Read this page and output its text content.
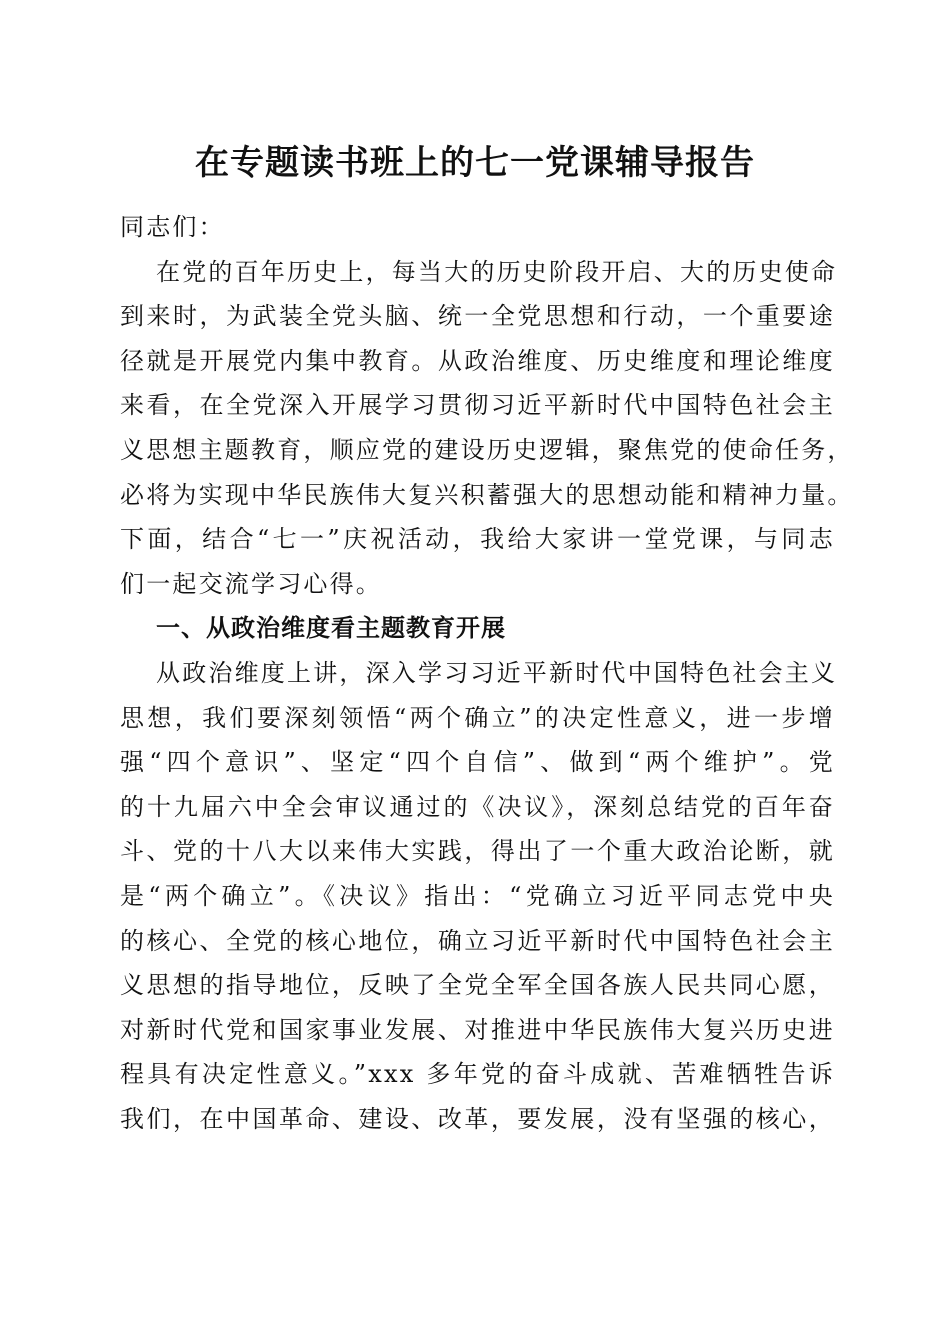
在专题读书班上的七一党课辅导报告
同志们：
在党的百年历史上，每当大的历史阶段开启、大的历史使命
到来时，为武装全党头脑、统一全党思想和行动，一个重要途
径就是开展党内集中教育。从政治维度、历史维度和理论维度
来看，在全党深入开展学习贯彻习近平新时代中国特色社会主
义思想主题教育，顺应党的建设历史逻辑，聚焦党的使命任务，
必将为实现中华民族伟大复兴积蓄强大的思想动能和精神力量。
下面，结合“七一”庆祝活动，我给大家讲一堂党课，与同志
们一起交流学习心得。
一、从政治维度看主题教育开展
从政治维度上讲，深入学习习近平新时代中国特色社会主义
思想，我们要深刻领悟“两个确立”的决定性意义，进一步增
强“四个意识”、坚定“四个自信”、做到“两个维护”。党
的十九届六中全会审议通过的《决议》，深刻总结党的百年奋
斗、党的十八大以来伟大实践，得出了一个重大政治论断，就
是“两个确立”。《决议》指出：“党确立习近平同志党中央
的核心、全党的核心地位，确立习近平新时代中国特色社会主
义思想的指导地位，反映了全党全军全国各族人民共同心愿，
对新时代党和国家事业发展、对推进中华民族伟大复兴历史进
程具有决定性意义。”xxx 多年党的奋斗成就、苦难牺牲告诉
我们，在中国革命、建设、改革，要发展，没有坚强的核心，
